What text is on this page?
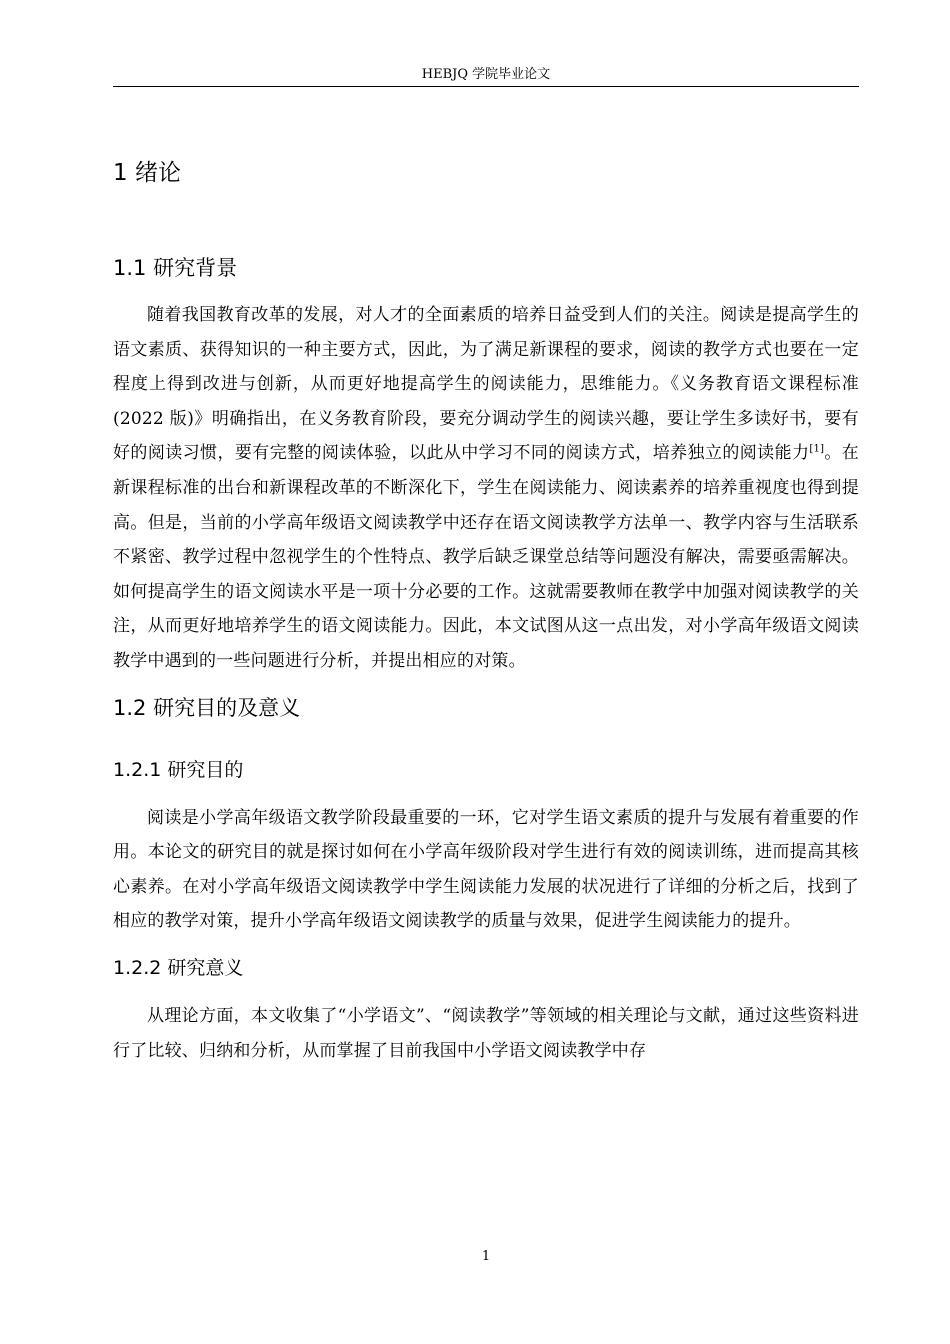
HEBJQ 学院毕业论文
1 绪论
1.1 研究背景

随着我国教育改革的发展，对人才的全面素质的培养日益受到人们的关注。阅读是提高学生的语文素质、获得知识的一种主要方式，因此，为了满足新课程的要求，阅读的教学方式也要在一定程度上得到改进与创新，从而更好地提高学生的阅读能力，思维能力。《义务教育语文课程标准(2022 版)》明确指出，在义务教育阶段，要充分调动学生的阅读兴趣，要让学生多读好书，要有好的阅读习惯，要有完整的阅读体验，以此从中学习不同的阅读方式，培养独立的阅读能力[1]。在新课程标准的出台和新课程改革的不断深化下，学生在阅读能力、阅读素养的培养重视度也得到提高。但是，当前的小学高年级语文阅读教学中还存在语文阅读教学方法单一、教学内容与生活联系不紧密、教学过程中忽视学生的个性特点、教学后缺乏课堂总结等问题没有解决，需要亟需解决。如何提高学生的语文阅读水平是一项十分必要的工作。这就需要教师在教学中加强对阅读教学的关注，从而更好地培养学生的语文阅读能力。因此，本文试图从这一点出发，对小学高年级语文阅读教学中遇到的一些问题进行分析，并提出相应的对策。

1.2 研究目的及意义
1.2.1 研究目的

阅读是小学高年级语文教学阶段最重要的一环，它对学生语文素质的提升与发展有着重要的作用。本论文的研究目的就是探讨如何在小学高年级阶段对学生进行有效的阅读训练，进而提高其核心素养。在对小学高年级语文阅读教学中学生阅读能力发展的状况进行了详细的分析之后，找到了相应的教学对策，提升小学高年级语文阅读教学的质量与效果，促进学生阅读能力的提升。

1.2.2 研究意义

从理论方面，本文收集了“小学语文”、“阅读教学”等领域的相关理论与文献，通过这些资料进行了比较、归纳和分析，从而掌握了目前我国中小学语文阅读教学中存

1
